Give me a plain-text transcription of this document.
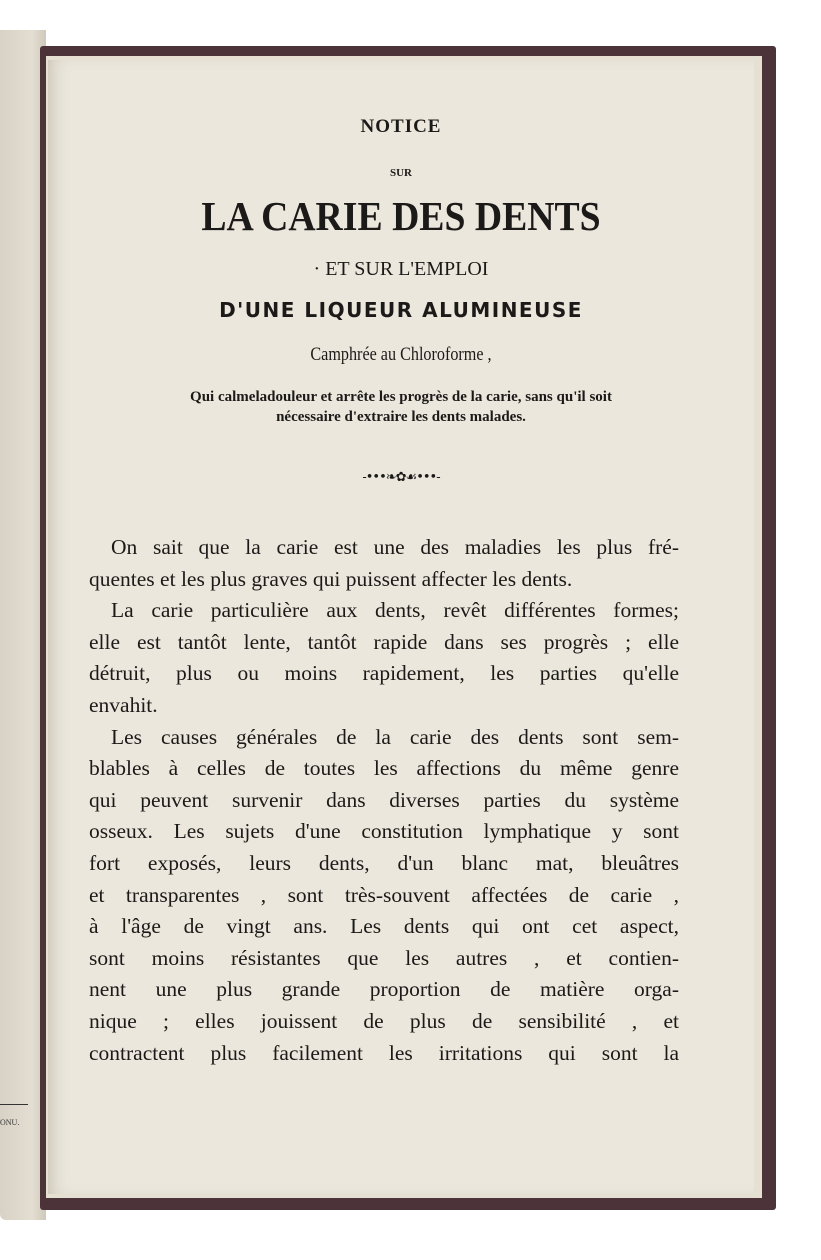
ONU.
NOTICE
SUR
LA CARIE DES DENTS
· ET SUR L'EMPLOI
D'UNE LIQUEUR ALUMINEUSE
Camphrée au Chloroforme ,
Qui calmeladouleur et arrête les progrès de la carie, sans qu'il soit
nécessaire d'extraire les dents malades.
-•••❧✿☙•••-
On sait que la carie est une des maladies les plus fré-
quentes et les plus graves qui puissent affecter les dents.
La carie particulière aux dents, revêt différentes formes;
elle est tantôt lente, tantôt rapide dans ses progrès ; elle
détruit, plus ou moins rapidement, les parties qu'elle
envahit.
Les causes générales de la carie des dents sont sem-
blables à celles de toutes les affections du même genre
qui peuvent survenir dans diverses parties du système
osseux. Les sujets d'une constitution lymphatique y sont
fort exposés, leurs dents, d'un blanc mat, bleuâtres
et transparentes , sont très-souvent affectées de carie ,
à l'âge de vingt ans. Les dents qui ont cet aspect,
sont moins résistantes que les autres , et contien-
nent une plus grande proportion de matière orga-
nique ; elles jouissent de plus de sensibilité , et
contractent plus facilement les irritations qui sont la
